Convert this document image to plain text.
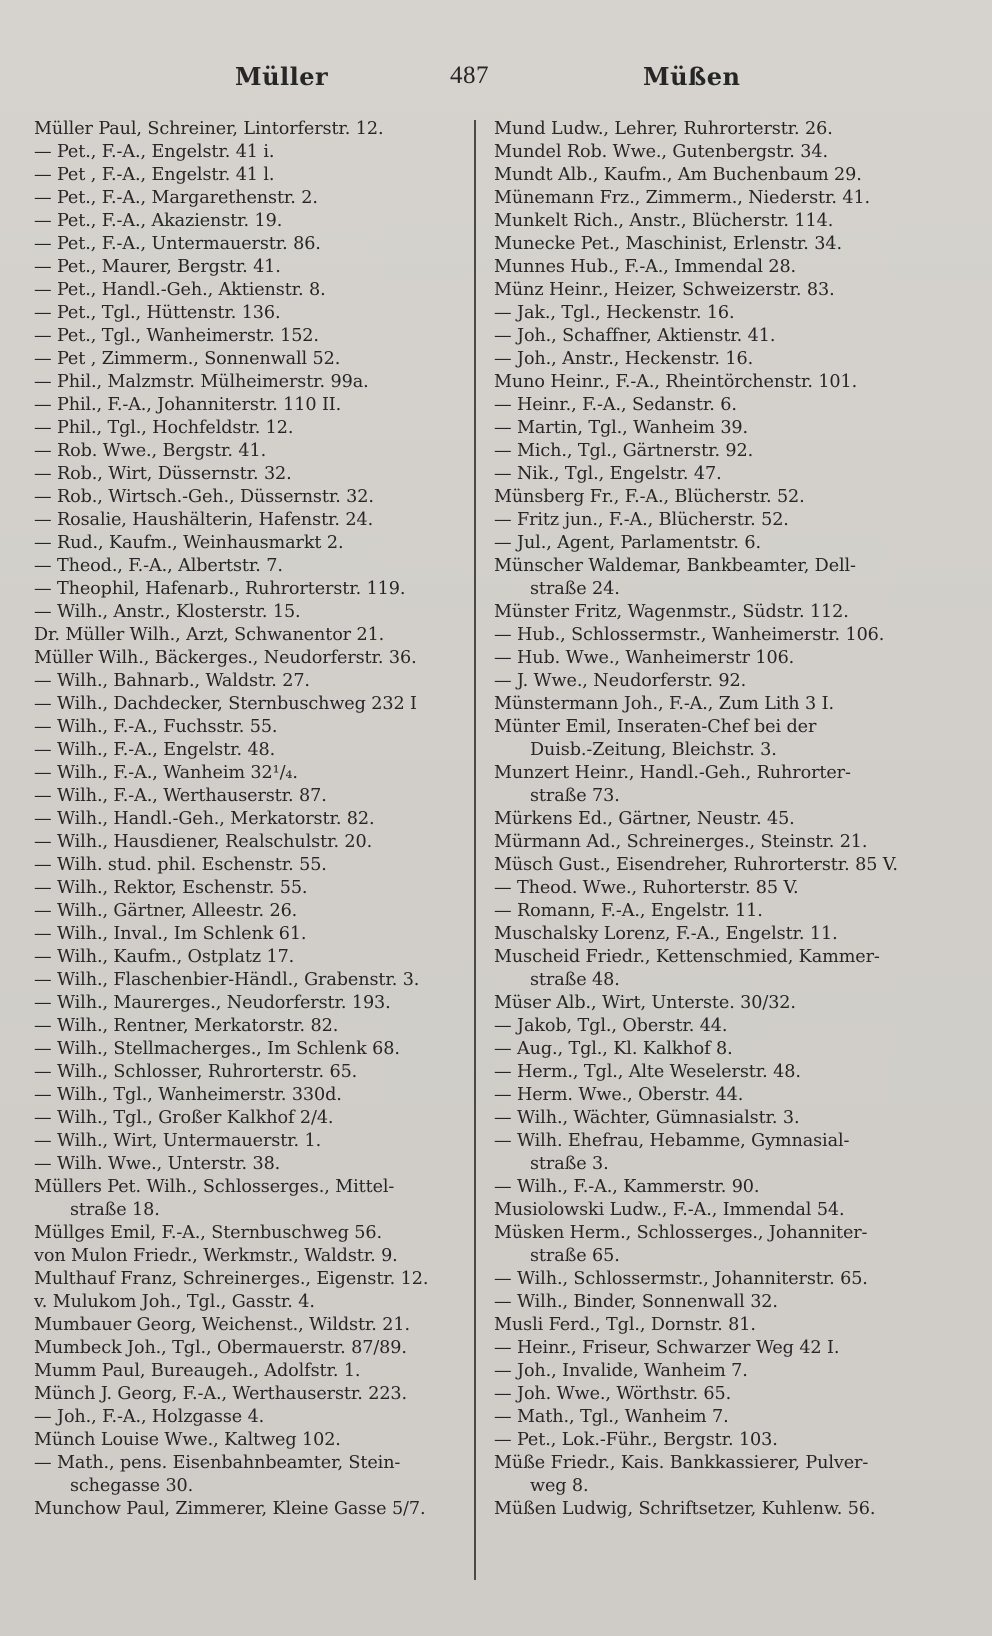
Müller	487	Müßen
Müller Paul, Schreiner, Lintorferstr. 12.
— Pet., F.-A., Engelstr. 41 i.
— Pet , F.-A., Engelstr. 41 l.
— Pet., F.-A., Margarethenstr. 2.
— Pet., F.-A., Akazienstr. 19.
— Pet., F.-A., Untermauerstr. 86.
— Pet., Maurer, Bergstr. 41.
— Pet., Handl.-Geh., Aktienstr. 8.
— Pet., Tgl., Hüttenstr. 136.
— Pet., Tgl., Wanheimerstr. 152.
— Pet , Zimmerm., Sonnenwall 52.
— Phil., Malzmstr. Mülheimerstr. 99a.
— Phil., F.-A., Johanniterstr. 110 II.
— Phil., Tgl., Hochfeldstr. 12.
— Rob. Wwe., Bergstr. 41.
— Rob., Wirt, Düssernstr. 32.
— Rob., Wirtsch.-Geh., Düssernstr. 32.
— Rosalie, Haushälterin, Hafenstr. 24.
— Rud., Kaufm., Weinhausmarkt 2.
— Theod., F.-A., Albertstr. 7.
— Theophil, Hafenarb., Ruhrorterstr. 119.
— Wilh., Anstr., Klosterstr. 15.
Dr. Müller Wilh., Arzt, Schwanentor 21.
Müller Wilh., Bäckerges., Neudorferstr. 36.
— Wilh., Bahnarb., Waldstr. 27.
— Wilh., Dachdecker, Sternbuschweg 232 I
— Wilh., F.-A., Fuchsstr. 55.
— Wilh., F.-A., Engelstr. 48.
— Wilh., F.-A., Wanheim 32¹/₄.
— Wilh., F.-A., Werthauserstr. 87.
— Wilh., Handl.-Geh., Merkatorstr. 82.
— Wilh., Hausdiener, Realschulstr. 20.
— Wilh. stud. phil. Eschenstr. 55.
— Wilh., Rektor, Eschenstr. 55.
— Wilh., Gärtner, Alleestr. 26.
— Wilh., Inval., Im Schlenk 61.
— Wilh., Kaufm., Ostplatz 17.
— Wilh., Flaschenbier-Händl., Grabenstr. 3.
— Wilh., Maurerges., Neudorferstr. 193.
— Wilh., Rentner, Merkatorstr. 82.
— Wilh., Stellmacherges., Im Schlenk 68.
— Wilh., Schlosser, Ruhrorterstr. 65.
— Wilh., Tgl., Wanheimerstr. 330d.
— Wilh., Tgl., Großer Kalkhof 2/4.
— Wilh., Wirt, Untermauerstr. 1.
— Wilh. Wwe., Unterstr. 38.
Müllers Pet. Wilh., Schlosserges., Mittel-
straße 18.
Müllges Emil, F.-A., Sternbuschweg 56.
von Mulon Friedr., Werkmstr., Waldstr. 9.
Multhauf Franz, Schreinerges., Eigenstr. 12.
v. Mulukom Joh., Tgl., Gasstr. 4.
Mumbauer Georg, Weichenst., Wildstr. 21.
Mumbeck Joh., Tgl., Obermauerstr. 87/89.
Mumm Paul, Bureaugeh., Adolfstr. 1.
Münch J. Georg, F.-A., Werthauserstr. 223.
— Joh., F.-A., Holzgasse 4.
Münch Louise Wwe., Kaltweg 102.
— Math., pens. Eisenbahnbeamter, Stein-
schegasse 30.
Munchow Paul, Zimmerer, Kleine Gasse 5/7.
Mund Ludw., Lehrer, Ruhrorterstr. 26.
Mundel Rob. Wwe., Gutenbergstr. 34.
Mundt Alb., Kaufm., Am Buchenbaum 29.
Münemann Frz., Zimmerm., Niederstr. 41.
Munkelt Rich., Anstr., Blücherstr. 114.
Munecke Pet., Maschinist, Erlenstr. 34.
Munnes Hub., F.-A., Immendal 28.
Münz Heinr., Heizer, Schweizerstr. 83.
— Jak., Tgl., Heckenstr. 16.
— Joh., Schaffner, Aktienstr. 41.
— Joh., Anstr., Heckenstr. 16.
Muno Heinr., F.-A., Rheintörchenstr. 101.
— Heinr., F.-A., Sedanstr. 6.
— Martin, Tgl., Wanheim 39.
— Mich., Tgl., Gärtnerstr. 92.
— Nik., Tgl., Engelstr. 47.
Münsberg Fr., F.-A., Blücherstr. 52.
— Fritz jun., F.-A., Blücherstr. 52.
— Jul., Agent, Parlamentstr. 6.
Münscher Waldemar, Bankbeamter, Dell-
straße 24.
Münster Fritz, Wagenmstr., Südstr. 112.
— Hub., Schlossermstr., Wanheimerstr. 106.
— Hub. Wwe., Wanheimerstr 106.
— J. Wwe., Neudorferstr. 92.
Münstermann Joh., F.-A., Zum Lith 3 I.
Münter Emil, Inseraten-Chef bei der
Duisb.-Zeitung, Bleichstr. 3.
Munzert Heinr., Handl.-Geh., Ruhrorter-
straße 73.
Mürkens Ed., Gärtner, Neustr. 45.
Mürmann Ad., Schreinerges., Steinstr. 21.
Müsch Gust., Eisendreher, Ruhrorterstr. 85 V.
— Theod. Wwe., Ruhorterstr. 85 V.
— Romann, F.-A., Engelstr. 11.
Muschalsky Lorenz, F.-A., Engelstr. 11.
Muscheid Friedr., Kettenschmied, Kammer-
straße 48.
Müser Alb., Wirt, Unterste. 30/32.
— Jakob, Tgl., Oberstr. 44.
— Aug., Tgl., Kl. Kalkhof 8.
— Herm., Tgl., Alte Weselerstr. 48.
— Herm. Wwe., Oberstr. 44.
— Wilh., Wächter, Gümnasialstr. 3.
— Wilh. Ehefrau, Hebamme, Gymnasial-
straße 3.
— Wilh., F.-A., Kammerstr. 90.
Musiolowski Ludw., F.-A., Immendal 54.
Müsken Herm., Schlosserges., Johanniter-
straße 65.
— Wilh., Schlossermstr., Johanniterstr. 65.
— Wilh., Binder, Sonnenwall 32.
Musli Ferd., Tgl., Dornstr. 81.
— Heinr., Friseur, Schwarzer Weg 42 I.
— Joh., Invalide, Wanheim 7.
— Joh. Wwe., Wörthstr. 65.
— Math., Tgl., Wanheim 7.
— Pet., Lok.-Führ., Bergstr. 103.
Müße Friedr., Kais. Bankkassierer, Pulver-
weg 8.
Müßen Ludwig, Schriftsetzer, Kuhlenw. 56.
